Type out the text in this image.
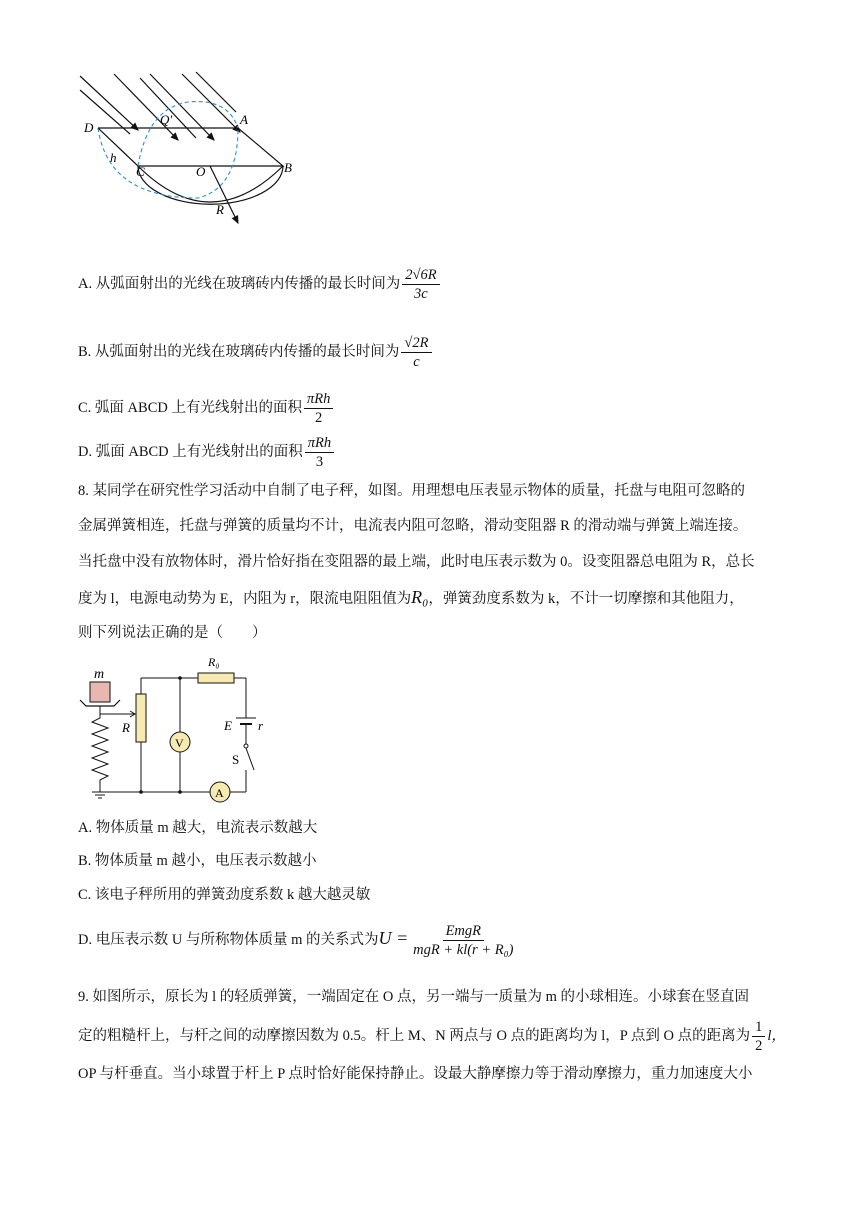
D
Q′	A
h
C	O	B
R
A. 从弧面射出的光线在玻璃砖内传播的最长时间为 $\frac{2√6R}{3c}$
B. 从弧面射出的光线在玻璃砖内传播的最长时间为 $\frac{√2R}{c}$
C. 弧面 ABCD 上有光线射出的面积 $\frac{\text{πRh}}{2}$
D. 弧面 ABCD 上有光线射出的面积 $\frac{\text{πRh}}{3}$
8. 某同学在研究性学习活动中自制了电子秤，如图。用理想电压表显示物体的质量，托盘与电阻可忽略的
金属弹簧相连，托盘与弹簧的质量均不计，电流表内阻可忽略，滑动变阻器 R 的滑动端与弹簧上端连接。
当托盘中没有放物体时，滑片恰好指在变阻器的最上端，此时电压表示数为 0。设变阻器总电阻为 R，总长
度为 l，电源电动势为 E，内阻为 r，限流电阻阻值为R₀，弹簧劲度系数为 k，不计一切摩擦和其他阻力，
则下列说法正确的是（　　）
m
R
R₀
E r
S
V
A
A. 物体质量 m 越大，电流表示数越大
B. 物体质量 m 越小，电压表示数越小
C. 该电子秤所用的弹簧劲度系数 k 越大越灵敏
D. 电压表示数 U 与所称物体质量 m 的关系式为$U = \frac{\text{EmgR}}{\text{mgR + kl(r + R₀)}}$
9. 如图所示，原长为 l 的轻质弹簧，一端固定在 O 点，另一端与一质量为 m 的小球相连。小球套在竖直固
定的粗糙杆上，与杆之间的动摩擦因数为 0.5。杆上 M、N 两点与 O 点的距离均为 l，P 点到 O 点的距离为 $\frac{1}{2}$ l，
OP 与杆垂直。当小球置于杆上 P 点时恰好能保持静止。设最大静摩擦力等于滑动摩擦力，重力加速度大小
